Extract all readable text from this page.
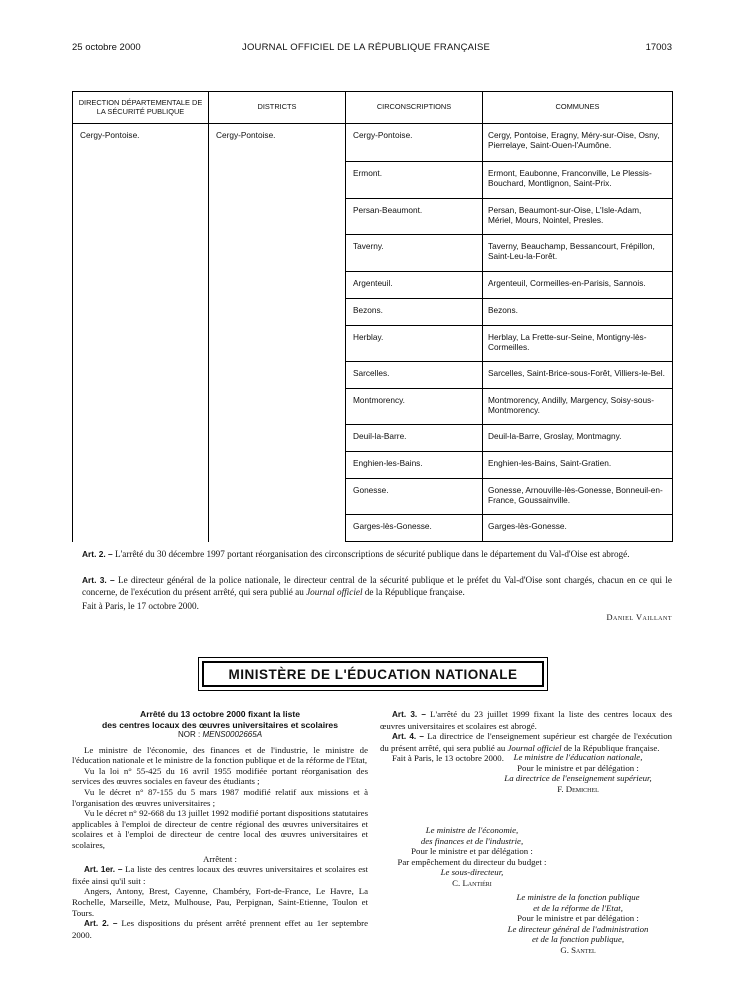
25 octobre 2000	JOURNAL OFFICIEL DE LA RÉPUBLIQUE FRANÇAISE	17003
DIRECTION DÉPARTEMENTALE DE LA SÉCURITÉ PUBLIQUE	DISTRICTS	CIRCONSCRIPTIONS	COMMUNES
Cergy-Pontoise.	Cergy-Pontoise.	Cergy-Pontoise.	Cergy, Pontoise, Eragny, Méry-sur-Oise, Osny, Pierrelaye, Saint-Ouen-l'Aumône.
		Ermont.	Ermont, Eaubonne, Franconville, Le Plessis-Bouchard, Montlignon, Saint-Prix.
		Persan-Beaumont.	Persan, Beaumont-sur-Oise, L'Isle-Adam, Mériel, Mours, Nointel, Presles.
		Taverny.	Taverny, Beauchamp, Bessancourt, Frépillon, Saint-Leu-la-Forêt.
		Argenteuil.	Argenteuil, Cormeilles-en-Parisis, Sannois.
		Bezons.	Bezons.
		Herblay.	Herblay, La Frette-sur-Seine, Montigny-lès-Cormeilles.
		Sarcelles.	Sarcelles, Saint-Brice-sous-Forêt, Villiers-le-Bel.
		Montmorency.	Montmorency, Andilly, Margency, Soisy-sous-Montmorency.
		Deuil-la-Barre.	Deuil-la-Barre, Groslay, Montmagny.
		Enghien-les-Bains.	Enghien-les-Bains, Saint-Gratien.
		Gonesse.	Gonesse, Arnouville-lès-Gonesse, Bonneuil-en-France, Goussainville.
		Garges-lès-Gonesse.	Garges-lès-Gonesse.
Art. 2. – L'arrêté du 30 décembre 1997 portant réorganisation des circonscriptions de sécurité publique dans le département du Val-d'Oise est abrogé.
Art. 3. – Le directeur général de la police nationale, le directeur central de la sécurité publique et le préfet du Val-d'Oise sont chargés, chacun en ce qui le concerne, de l'exécution du présent arrêté, qui sera publié au Journal officiel de la République française.
Fait à Paris, le 17 octobre 2000.
Daniel Vaillant
MINISTÈRE DE L'ÉDUCATION NATIONALE

Arrêté du 13 octobre 2000 fixant la liste

des centres locaux des œuvres universitaires et scolaires

NOR : MENS0002665A

Le ministre de l'économie, des finances et de l'industrie, le ministre de l'éducation nationale et le ministre de la fonction publique et de la réforme de l'Etat,

Vu la loi n° 55-425 du 16 avril 1955 modifiée portant réorganisation des services des œuvres sociales en faveur des étudiants ;

Vu le décret n° 87-155 du 5 mars 1987 modifié relatif aux missions et à l'organisation des œuvres universitaires ;

Vu le décret n° 92-668 du 13 juillet 1992 modifié portant dispositions statutaires applicables à l'emploi de directeur de centre régional des œuvres universitaires et scolaires et à l'emploi de directeur de centre local des œuvres universitaires et scolaires,

Arrêtent :

Art. 1er. – La liste des centres locaux des œuvres universitaires et scolaires est fixée ainsi qu'il suit :

Angers, Antony, Brest, Cayenne, Chambéry, Fort-de-France, Le Havre, La Rochelle, Marseille, Metz, Mulhouse, Pau, Perpignan, Saint-Etienne, Toulon et Tours.

Art. 2. – Les dispositions du présent arrêté prennent effet au 1er septembre 2000.

Art. 3. – L'arrêté du 23 juillet 1999 fixant la liste des centres locaux des œuvres universitaires et scolaires est abrogé.

Art. 4. – La directrice de l'enseignement supérieur est chargée de l'exécution du présent arrêté, qui sera publié au Journal officiel de la République française.

Fait à Paris, le 13 octobre 2000.	Le ministre de l'éducation nationale,
Pour le ministre et par délégation :
La directrice de l'enseignement supérieur,
F. Demichel
Le ministre de l'économie,
des finances et de l'industrie,
Pour le ministre et par délégation :
Par empêchement du directeur du budget :
Le sous-directeur,
C. Lantiéri
Le ministre de la fonction publique
et de la réforme de l'Etat,
Pour le ministre et par délégation :
Le directeur général de l'administration
et de la fonction publique,
G. Santel
